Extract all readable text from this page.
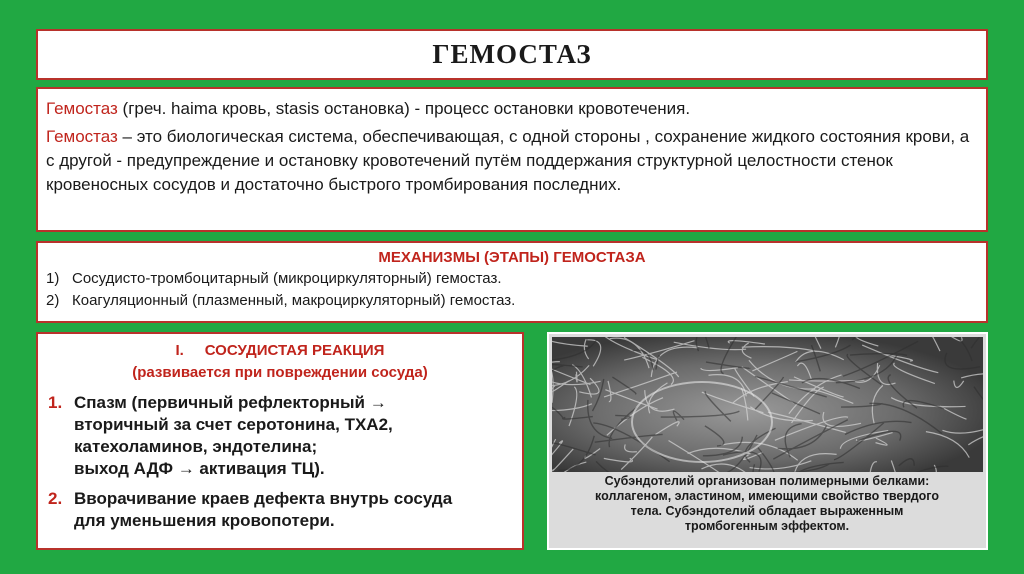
ГЕМОСТАЗ

Гемостаз (греч. haima кровь, stasis остановка) - процесс остановки кровотечения.

Гемостаз – это биологическая система, обеспечивающая, с одной стороны , сохранение жидкого состояния крови, а с другой - предупреждение и остановку кровотечений путём поддержания структурной целостности стенок кровеносных сосудов и достаточно быстрого тромбирования последних.

МЕХАНИЗМЫ (ЭТАПЫ) ГЕМОСТАЗА
1) Сосудисто-тромбоцитарный (микроциркуляторный) гемостаз.
2) Коагуляционный (плазменный, макроциркуляторный) гемостаз.
I.     СОСУДИСТАЯ РЕАКЦИЯ
(развивается при повреждении сосуда)
1. Спазм (первичный рефлекторный →
вторичный за счет серотонина, ТХА2,
катехоламинов, эндотелина;
выход АДФ → активация ТЦ).
2. Вворачивание краев дефекта внутрь сосуда
для уменьшения кровопотери.
Субэндотелий организован полимерными белками:
коллагеном, эластином, имеющими свойство твердого
тела. Субэндотелий обладает выраженным
тромбогенным эффектом.
